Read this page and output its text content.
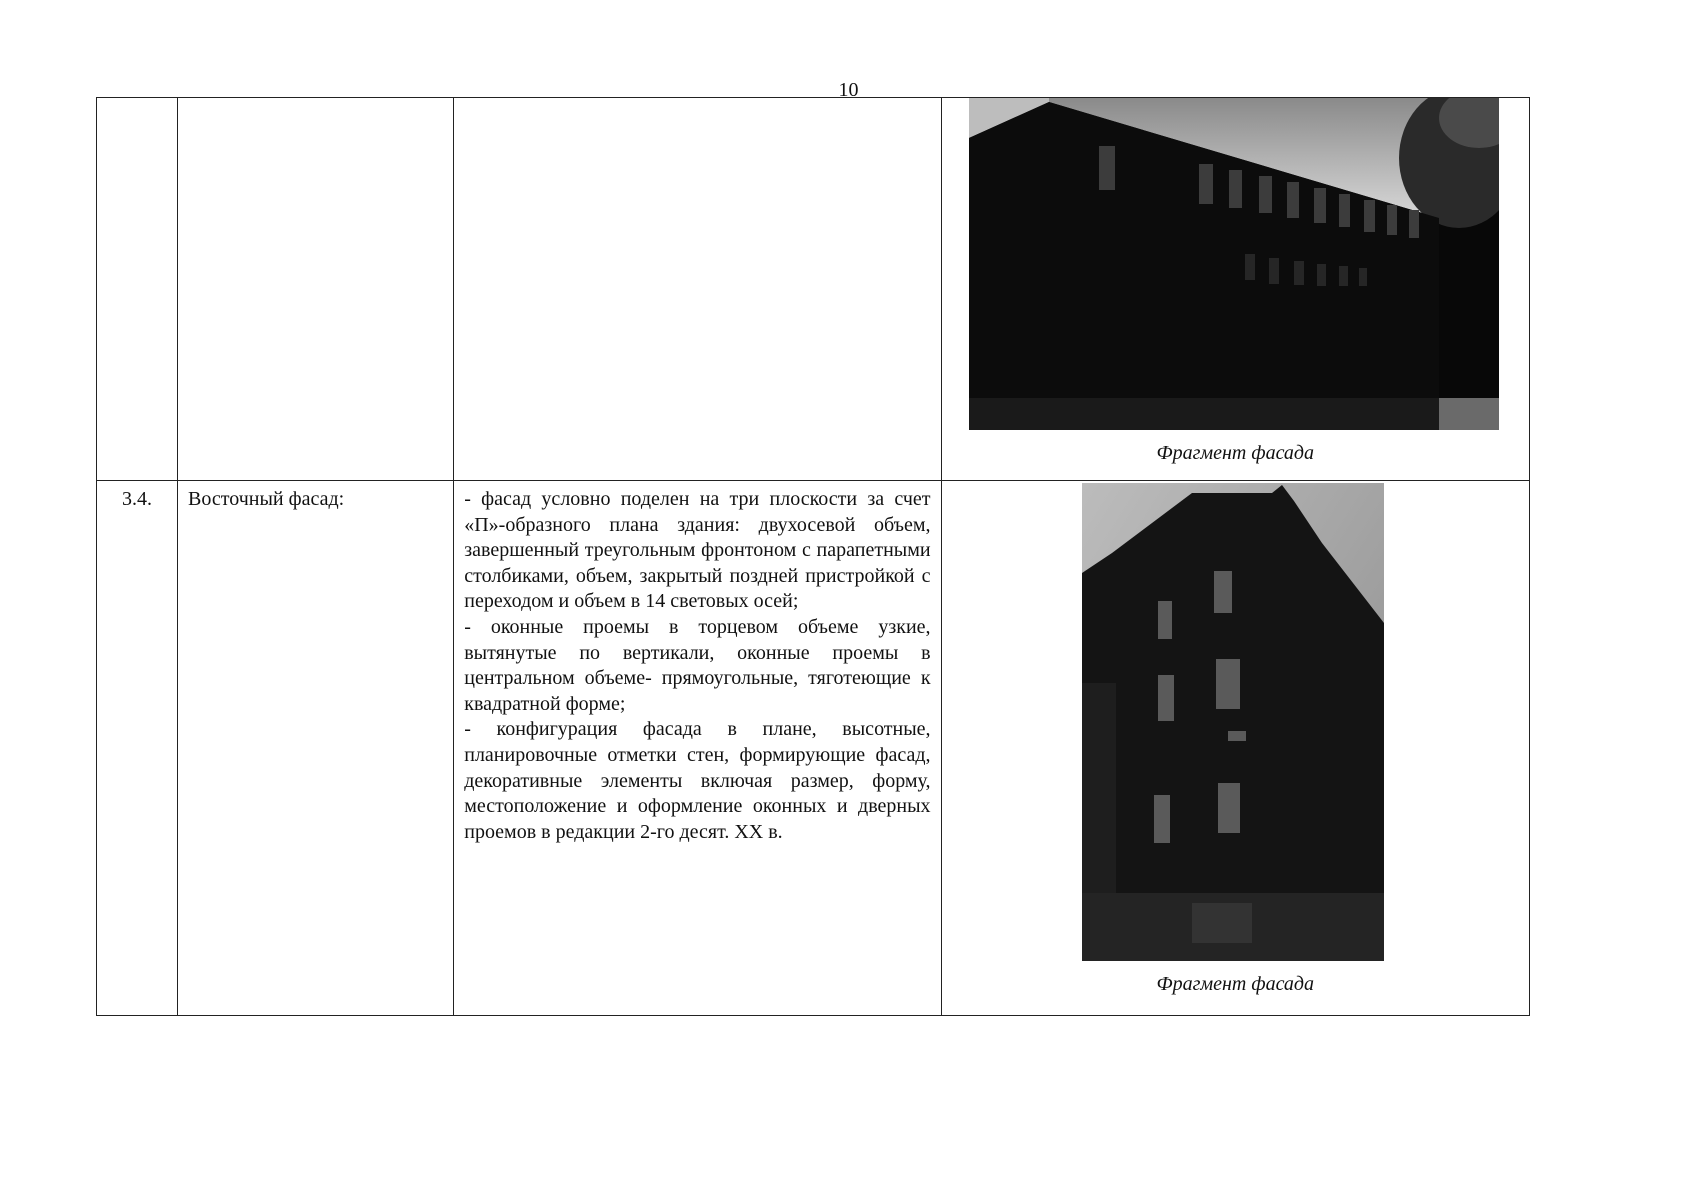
10

			Фрагмент фасада

3.4.	Восточный фасад:	- фасад условно поделен на три плоскости за счет «П»-образного плана здания: двухосевой объем, завершенный треугольным фронтоном с парапетными столбиками, объем, закрытый поздней пристройкой с переходом и объем в 14 световых осей;

- оконные проемы в торцевом объеме узкие, вытянутые по вертикали, оконные проемы в центральном объеме- прямоугольные, тяготеющие к квадратной форме;

- конфигурация фасада в плане, высотные, планировочные отметки стен, формирующие фасад, декоративные элементы включая размер, форму, местоположение и оформление оконных и дверных проемов в редакции 2-го десят. XX в.	Фрагмент фасада
